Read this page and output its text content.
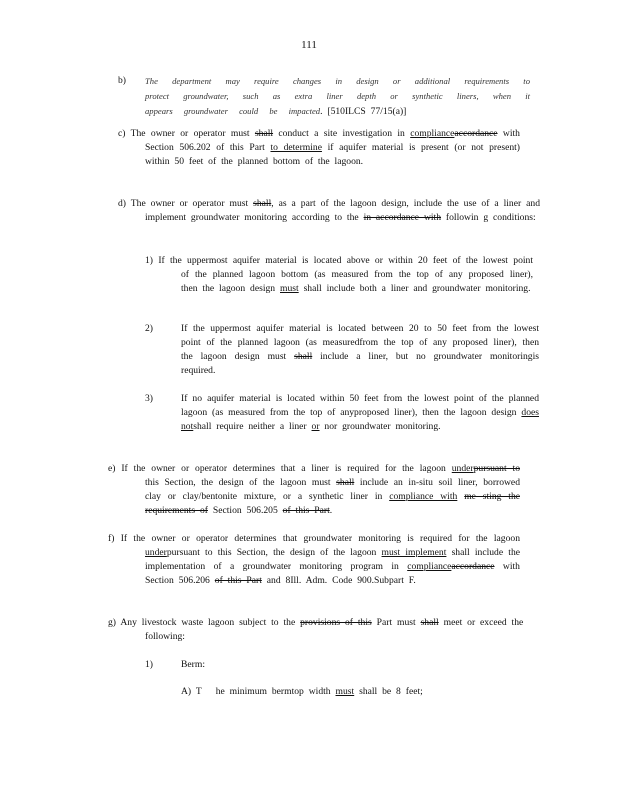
111
b) The department may require changes in design or additional requirements to protect groundwater, such as extra liner depth or synthetic liners, when it appears groundwater could be impacted. [510ILCS 77/15(a)]

c) The owner or operator must shall conduct a site investigation in complianceaccordance with Section 506.202 of this Part to determine if aquifer material is present (or not present) within 50 feet of the planned bottom of the lagoon.

d) The owner or operator must shall, as a part of the lagoon design, include the use of a liner and implement groundwater monitoring according to the in accordance with followin g conditions:

1) If the uppermost aquifer material is located above or within 20 feet of the lowest point of the planned lagoon bottom (as measured from the top of any proposed liner), then the lagoon design must shall include both a liner and groundwater monitoring.

2)	If the uppermost aquifer material is located between 20 to 50 feet from the lowest point of the planned lagoon (as measuredfrom the top of any proposed liner), then the lagoon design must shall include a liner, but no groundwater monitoringis required.

3)	If no aquifer material is located within 50 feet from the lowest point of the planned lagoon (as measured from the top of anyproposed liner), then the lagoon design does notshall require neither a liner or nor groundwater monitoring.

e) If the owner or operator determines that a liner is required for the lagoon underpursuant to this Section, the design of the lagoon must shall include an in-situ soil liner, borrowed clay or clay/bentonite mixture, or a synthetic liner in compliance with me sting the requirements of Section 506.205 of this Part.

f) If the owner or operator determines that groundwater monitoring is required for the lagoon underpursuant to this Section, the design of the lagoon must implement shall include the implementation of a groundwater monitoring program in complianceaccordance with Section 506.206 of this Part and 8Ill. Adm. Code 900.Subpart F.

g) Any livestock waste lagoon subject to the provisions of this Part must shall meet or exceed the following:

1)	Berm:
A) T he minimum bermtop width must shall be 8 feet;
